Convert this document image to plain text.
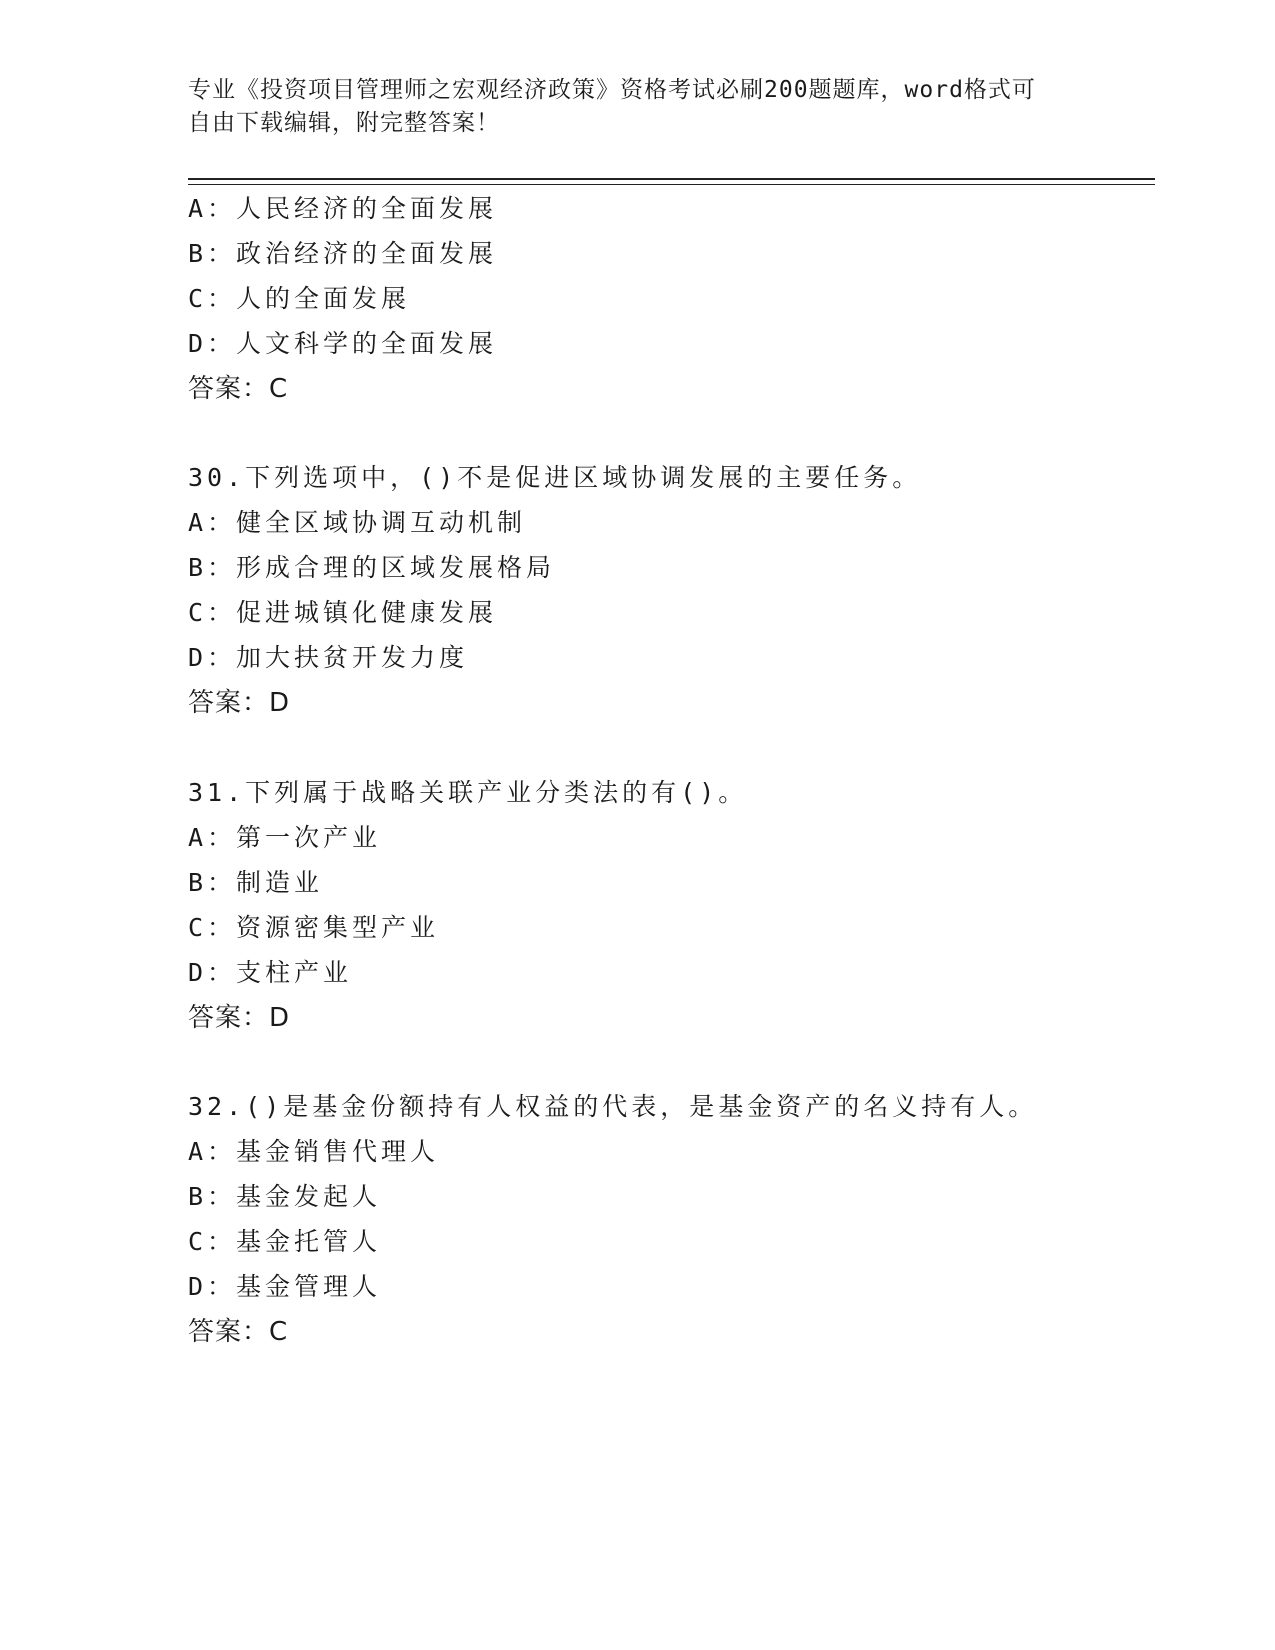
专业《投资项目管理师之宏观经济政策》资格考试必刷200题题库，word格式可
自由下载编辑，附完整答案！
A：人民经济的全面发展
B：政治经济的全面发展
C：人的全面发展
D：人文科学的全面发展
答案：C
30.下列选项中，()不是促进区域协调发展的主要任务。
A：健全区域协调互动机制
B：形成合理的区域发展格局
C：促进城镇化健康发展
D：加大扶贫开发力度
答案：D
31.下列属于战略关联产业分类法的有()。
A：第一次产业
B：制造业
C：资源密集型产业
D：支柱产业
答案：D
32.()是基金份额持有人权益的代表，是基金资产的名义持有人。
A：基金销售代理人
B：基金发起人
C：基金托管人
D：基金管理人
答案：C
